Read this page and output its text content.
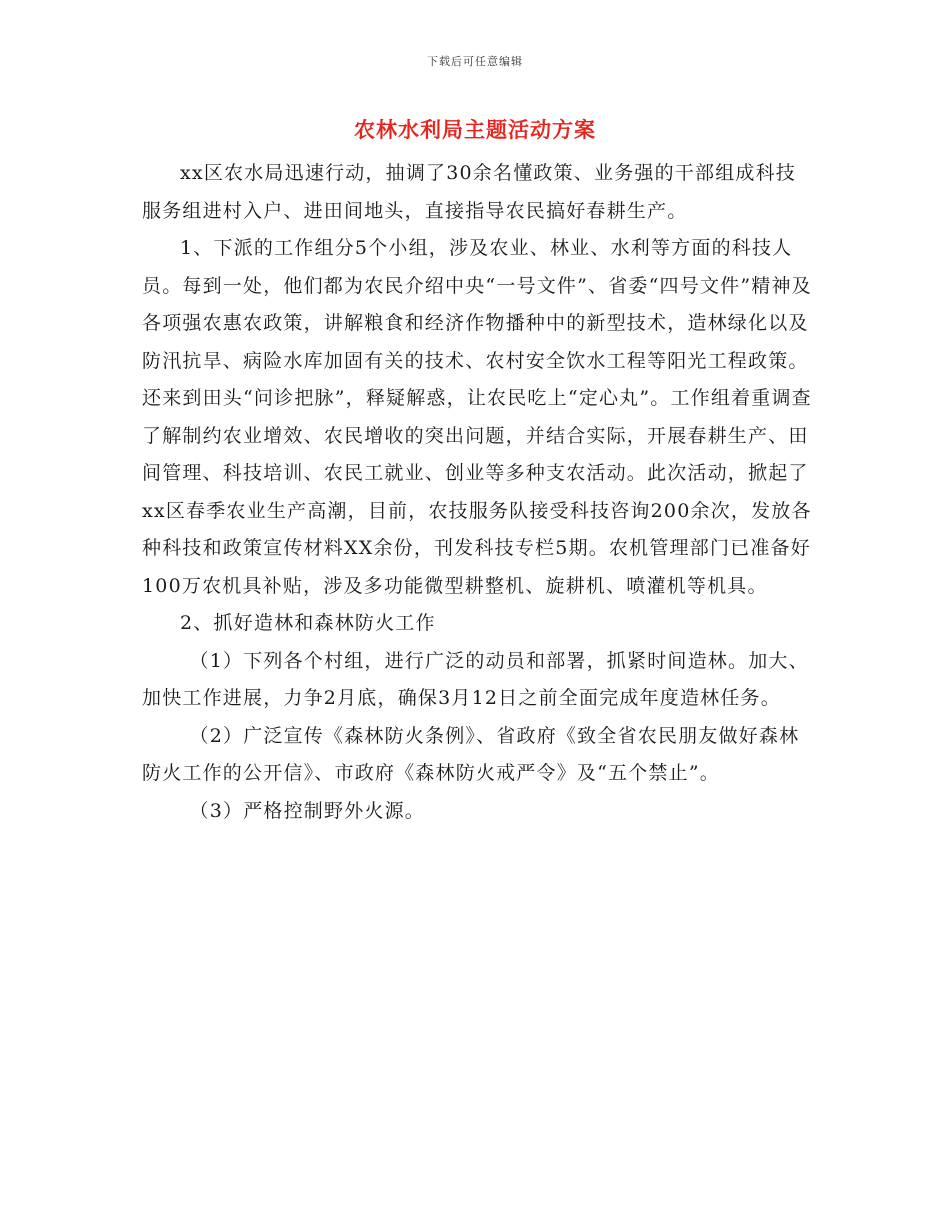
下载后可任意编辑
农林水利局主题活动方案

xx区农水局迅速行动，抽调了30余名懂政策、业务强的干部组成科技服务组进村入户、进田间地头，直接指导农民搞好春耕生产。

1、下派的工作组分5个小组，涉及农业、林业、水利等方面的科技人员。每到一处，他们都为农民介绍中央“一号文件”、省委“四号文件”精神及各项强农惠农政策，讲解粮食和经济作物播种中的新型技术，造林绿化以及防汛抗旱、病险水库加固有关的技术、农村安全饮水工程等阳光工程政策。还来到田头“问诊把脉”，释疑解惑，让农民吃上“定心丸”。工作组着重调查了解制约农业增效、农民增收的突出问题，并结合实际，开展春耕生产、田间管理、科技培训、农民工就业、创业等多种支农活动。此次活动，掀起了xx区春季农业生产高潮，目前，农技服务队接受科技咨询200余次，发放各种科技和政策宣传材料XX余份，刊发科技专栏5期。农机管理部门已准备好100万农机具补贴，涉及多功能微型耕整机、旋耕机、喷灌机等机具。

2、抓好造林和森林防火工作

（1）下列各个村组，进行广泛的动员和部署，抓紧时间造林。加大、加快工作进展，力争2月底，确保3月12日之前全面完成年度造林任务。

（2）广泛宣传《森林防火条例》、省政府《致全省农民朋友做好森林防火工作的公开信》、市政府《森林防火戒严令》及“五个禁止”。

（3）严格控制野外火源。
